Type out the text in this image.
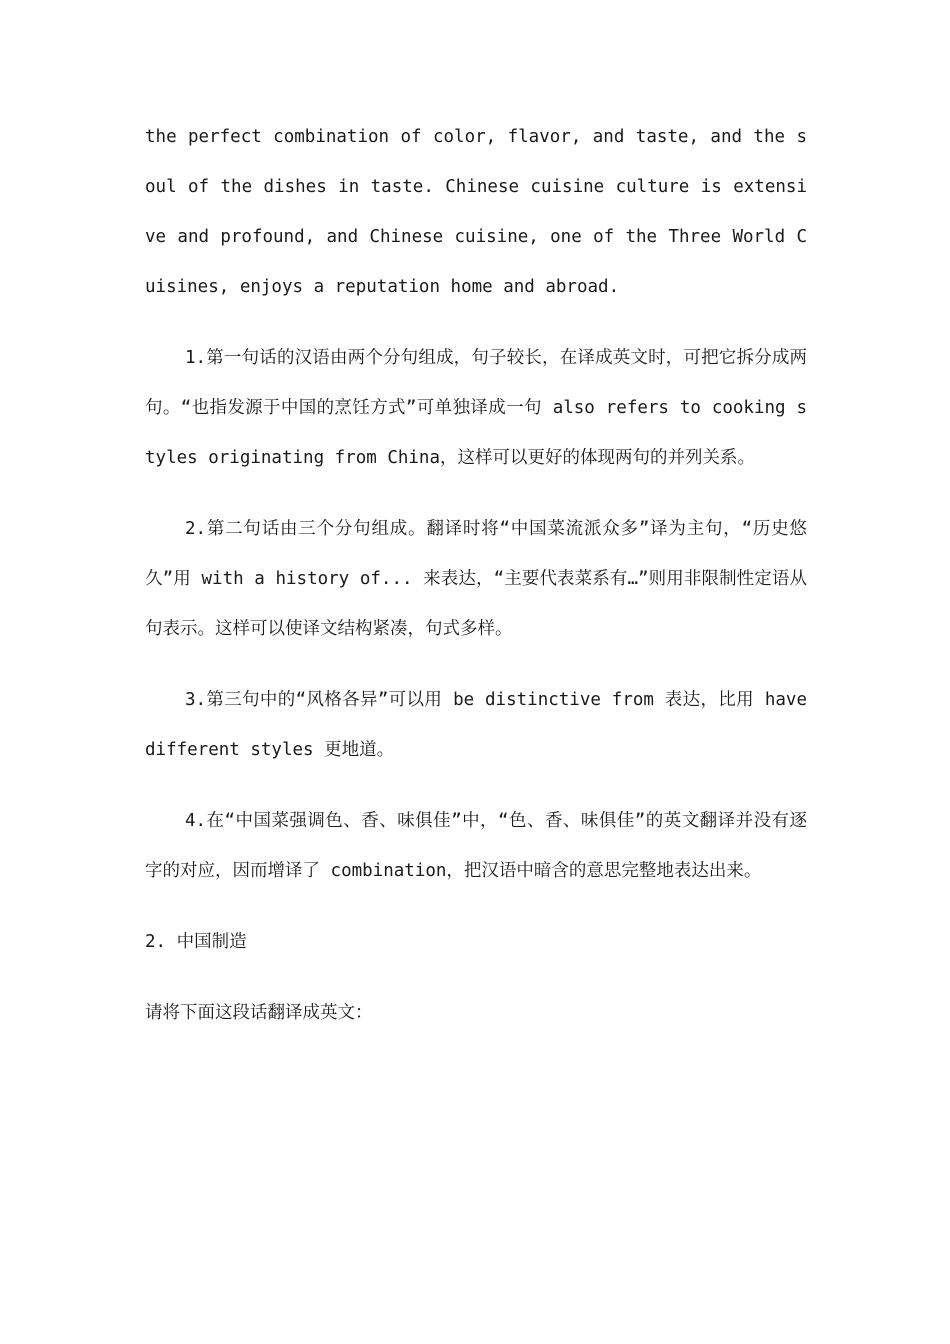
the perfect combination of color, flavor, and taste, and the soul of the dishes in taste. Chinese cuisine culture is extensive and profound, and Chinese cuisine, one of the Three World Cuisines, enjoys a reputation home and abroad.

1.第一句话的汉语由两个分句组成，句子较长，在译成英文时，可把它拆分成两句。“也指发源于中国的烹饪方式”可单独译成一句 also refers to cooking styles originating from China，这样可以更好的体现两句的并列关系。

2.第二句话由三个分句组成。翻译时将“中国菜流派众多”译为主句，“历史悠久”用 with a history of... 来表达，“主要代表菜系有…”则用非限制性定语从句表示。这样可以使译文结构紧凑，句式多样。

3.第三句中的“风格各异”可以用 be distinctive from 表达，比用 have different styles 更地道。

4.在“中国菜强调色、香、味俱佳”中，“色、香、味俱佳”的英文翻译并没有逐字的对应，因而增译了 combination，把汉语中暗含的意思完整地表达出来。

2. 中国制造

请将下面这段话翻译成英文：
